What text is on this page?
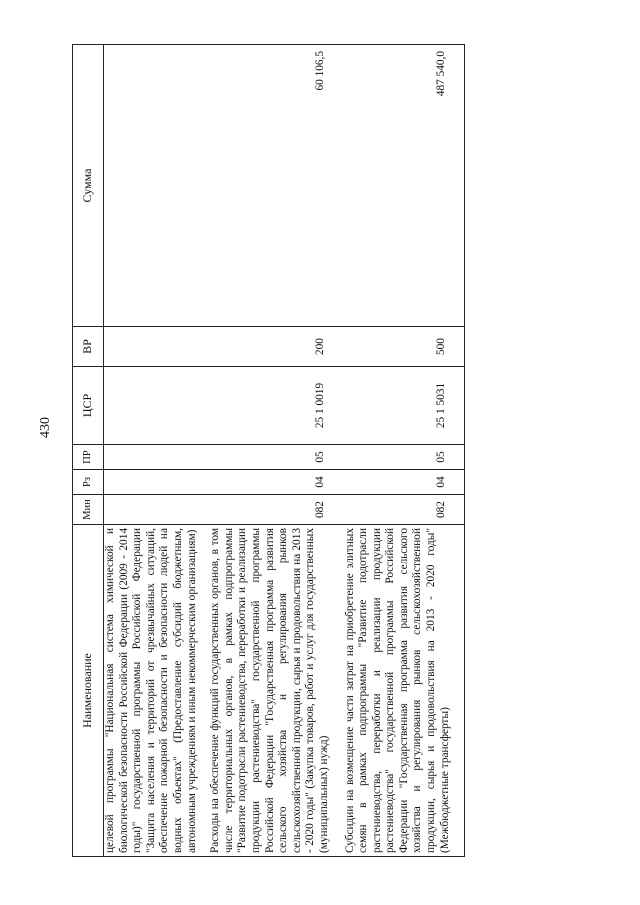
430
Наименование	Мин	Рз	ПР	ЦСР	ВР	Сумма
целевой программы "Национальная система химической и биологической безопасности Российской Федерации (2009 - 2014 годы)" государственной программы Российской Федерации "Защита населения и территорий от чрезвычайных ситуаций, обеспечение пожарной безопасности и безопасности людей на водных объектах" (Предоставление субсидий бюджетным, автономным учреждениям и иным некоммерческим организациям)						
Расходы на обеспечение функций государственных органов, в том числе территориальных органов, в рамках подпрограммы "Развитие подотрасли растениеводства, переработки и реализации продукции растениеводства" государственной программы Российской Федерации "Государственная программа развития сельского хозяйства и регулирования рынков сельскохозяйственной продукции, сырья и продовольствия на 2013 - 2020 годы" (Закупка товаров, работ и услуг для государственных (муниципальных) нужд)	082	04	05	25 1 0019	200	60 106,5
Субсидии на возмещение части затрат на приобретение элитных семян в рамках подпрограммы "Развитие подотрасли растениеводства, переработки и реализации продукции растениеводства" государственной программы Российской Федерации "Государственная программа развития сельского хозяйства и регулирования рынков сельскохозяйственной продукции, сырья и продовольствия на 2013 - 2020 годы" (Межбюджетные трансферты)	082	04	05	25 1 5031	500	487 540,0
